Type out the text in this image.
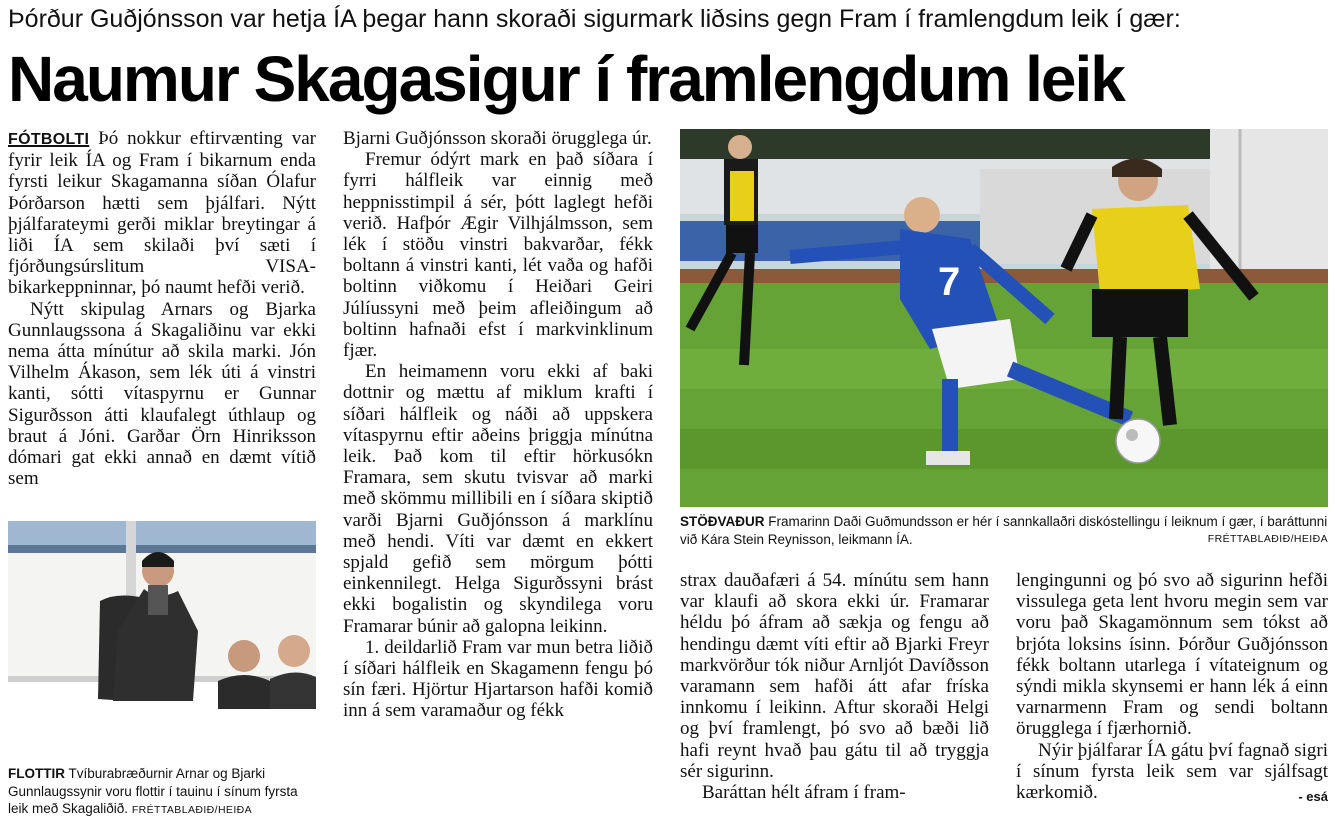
Þórður Guðjónsson var hetja ÍA þegar hann skoraði sigurmark liðsins gegn Fram í framlengdum leik í gær:
Naumur Skagasigur í framlengdum leik

FÓTBOLTI Þó nokkur eftirvænting var fyrir leik ÍA og Fram í bikarnum enda fyrsti leikur Skagamanna síðan Ólafur Þórðarson hætti sem þjálfari. Nýtt þjálfarateymi gerði miklar breytingar á liði ÍA sem skilaði því sæti í fjórðungsúrslitum VISA-bikarkeppninnar, þó naumt hefði verið.

Nýtt skipulag Arnars og Bjarka Gunnlaugssona á Skagaliðinu var ekki nema átta mínútur að skila marki. Jón Vilhelm Ákason, sem lék úti á vinstri kanti, sótti vítaspyrnu er Gunnar Sigurðsson átti klaufalegt úthlaup og braut á Jóni. Garðar Örn Hinriksson dómari gat ekki annað en dæmt vítið sem

FLOTTIR Tvíburabræðurnir Arnar og Bjarki Gunnlaugssynir voru flottir í tauinu í sínum fyrsta leik með Skagaliðið. FRÉTTABLAÐIÐ/HEIÐA

Bjarni Guðjónsson skoraði örugglega úr.

Fremur ódýrt mark en það síðara í fyrri hálfleik var einnig með heppnisstimpil á sér, þótt laglegt hefði verið. Hafþór Ægir Vilhjálmsson, sem lék í stöðu vinstri bakvarðar, fékk boltann á vinstri kanti, lét vaða og hafði boltinn viðkomu í Heiðari Geiri Júlíussyni með þeim afleiðingum að boltinn hafnaði efst í markvinklinum fjær.

En heimamenn voru ekki af baki dottnir og mættu af miklum krafti í síðari hálfleik og náði að uppskera vítaspyrnu eftir aðeins þriggja mínútna leik. Það kom til eftir hörkusókn Framara, sem skutu tvisvar að marki með skömmu millibili en í síðara skiptið varði Bjarni Guðjónsson á marklínu með hendi. Víti var dæmt en ekkert spjald gefið sem mörgum þótti einkennilegt. Helga Sigurðssyni brást ekki bogalistin og skyndilega voru Framarar búnir að galopna leikinn.

1. deildarlið Fram var mun betra liðið í síðari hálfleik en Skagamenn fengu þó sín færi. Hjörtur Hjartarson hafði komið inn á sem varamaður og fékk

7
STÖÐVAÐUR Framarinn Daði Guðmundsson er hér í sannkallaðri diskóstellingu í leiknum í gær, í baráttunni við Kára Stein Reynisson, leikmann ÍA.	FRÉTTABLAÐIÐ/HEIÐA

strax dauðafæri á 54. mínútu sem hann var klaufi að skora ekki úr. Framarar héldu þó áfram að sækja og fengu að hendingu dæmt víti eftir að Bjarki Freyr markvörður tók niður Arnljót Davíðsson varamann sem hafði átt afar fríska innkomu í leikinn. Aftur skoraði Helgi og því framlengt, þó svo að bæði lið hafi reynt hvað þau gátu til að tryggja sér sigurinn.

Baráttan hélt áfram í fram-

lengingunni og þó svo að sigurinn hefði vissulega geta lent hvoru megin sem var voru það Skagamönnum sem tókst að brjóta loksins ísinn. Þórður Guðjónsson fékk boltann utarlega í vítateignum og sýndi mikla skynsemi er hann lék á einn varnarmenn Fram og sendi boltann örugglega í fjærhornið.

Nýir þjálfarar ÍA gátu því fagnað sigri í sínum fyrsta leik sem var sjálfsagt kærkomið.	- esá
